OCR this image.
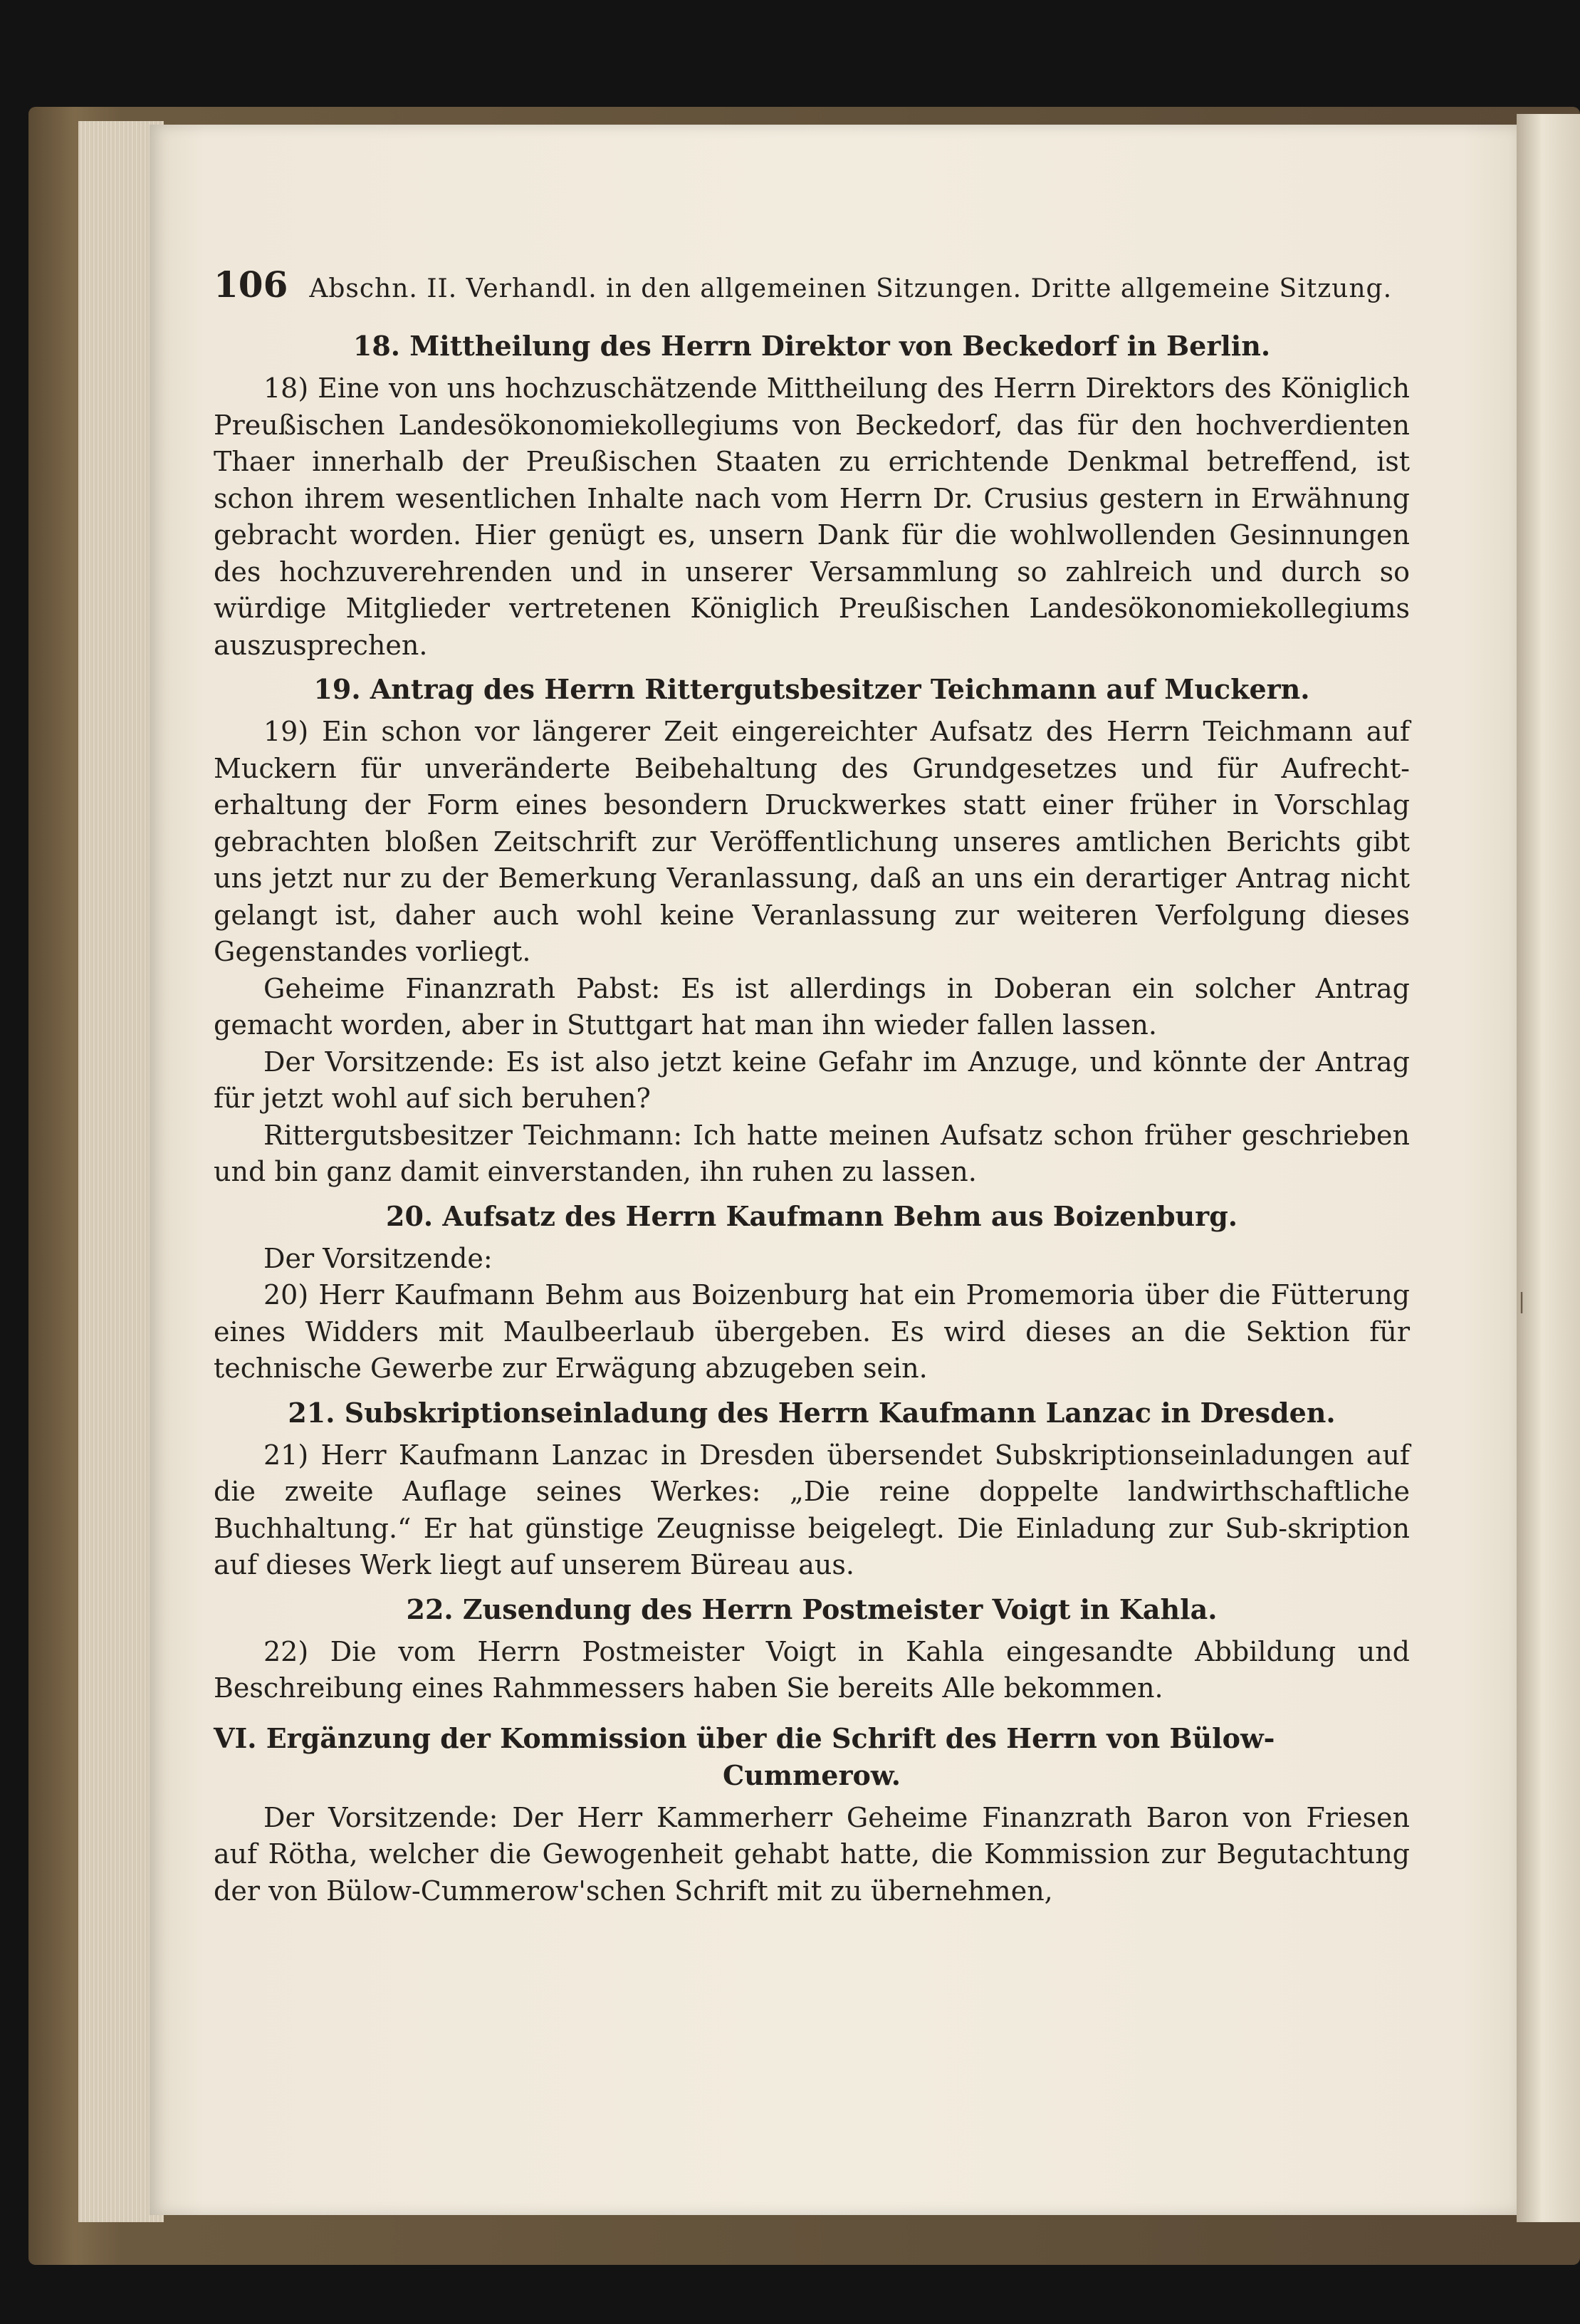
106 Abschn. II. Verhandl. in den allgemeinen Sitzungen. Dritte allgemeine Sitzung.
18. Mittheilung des Herrn Direktor von Beckedorf in Berlin.

18) Eine von uns hochzuschätzende Mittheilung des Herrn Direktors des Königlich Preußischen Landesökonomiekollegiums von Beckedorf, das für den hochverdienten Thaer innerhalb der Preußischen Staaten zu errichtende Denkmal betreffend, ist schon ihrem wesentlichen Inhalte nach vom Herrn Dr. Crusius gestern in Erwähnung gebracht worden. Hier genügt es, unsern Dank für die wohlwollenden Gesinnungen des hochzuverehrenden und in unserer Versammlung so zahlreich und durch so würdige Mitglieder vertretenen Königlich Preußischen Landesökonomiekollegiums auszusprechen.

19. Antrag des Herrn Rittergutsbesitzer Teichmann auf Muckern.

19) Ein schon vor längerer Zeit eingereichter Aufsatz des Herrn Teichmann auf Muckern für unveränderte Beibehaltung des Grundgesetzes und für Aufrecht-erhaltung der Form eines besondern Druckwerkes statt einer früher in Vorschlag gebrachten bloßen Zeitschrift zur Veröffentlichung unseres amtlichen Berichts gibt uns jetzt nur zu der Bemerkung Veranlassung, daß an uns ein derartiger Antrag nicht gelangt ist, daher auch wohl keine Veranlassung zur weiteren Verfolgung dieses Gegenstandes vorliegt.

Geheime Finanzrath Pabst: Es ist allerdings in Doberan ein solcher Antrag gemacht worden, aber in Stuttgart hat man ihn wieder fallen lassen.

Der Vorsitzende: Es ist also jetzt keine Gefahr im Anzuge, und könnte der Antrag für jetzt wohl auf sich beruhen?

Rittergutsbesitzer Teichmann: Ich hatte meinen Aufsatz schon früher geschrieben und bin ganz damit einverstanden, ihn ruhen zu lassen.

20. Aufsatz des Herrn Kaufmann Behm aus Boizenburg.

Der Vorsitzende:

20) Herr Kaufmann Behm aus Boizenburg hat ein Promemoria über die Fütterung eines Widders mit Maulbeerlaub übergeben. Es wird dieses an die Sektion für technische Gewerbe zur Erwägung abzugeben sein.

21. Subskriptionseinladung des Herrn Kaufmann Lanzac in Dresden.

21) Herr Kaufmann Lanzac in Dresden übersendet Subskriptionseinladungen auf die zweite Auflage seines Werkes: „Die reine doppelte landwirthschaftliche Buchhaltung.“ Er hat günstige Zeugnisse beigelegt. Die Einladung zur Sub-skription auf dieses Werk liegt auf unserem Büreau aus.

22. Zusendung des Herrn Postmeister Voigt in Kahla.

22) Die vom Herrn Postmeister Voigt in Kahla eingesandte Abbildung und Beschreibung eines Rahmmessers haben Sie bereits Alle bekommen.

VI. Ergänzung der Kommission über die Schrift des Herrn von Bülow-
Cummerow.

Der Vorsitzende: Der Herr Kammerherr Geheime Finanzrath Baron von Friesen auf Rötha, welcher die Gewogenheit gehabt hatte, die Kommission zur Begutachtung der von Bülow-Cummerow'schen Schrift mit zu übernehmen,

|
